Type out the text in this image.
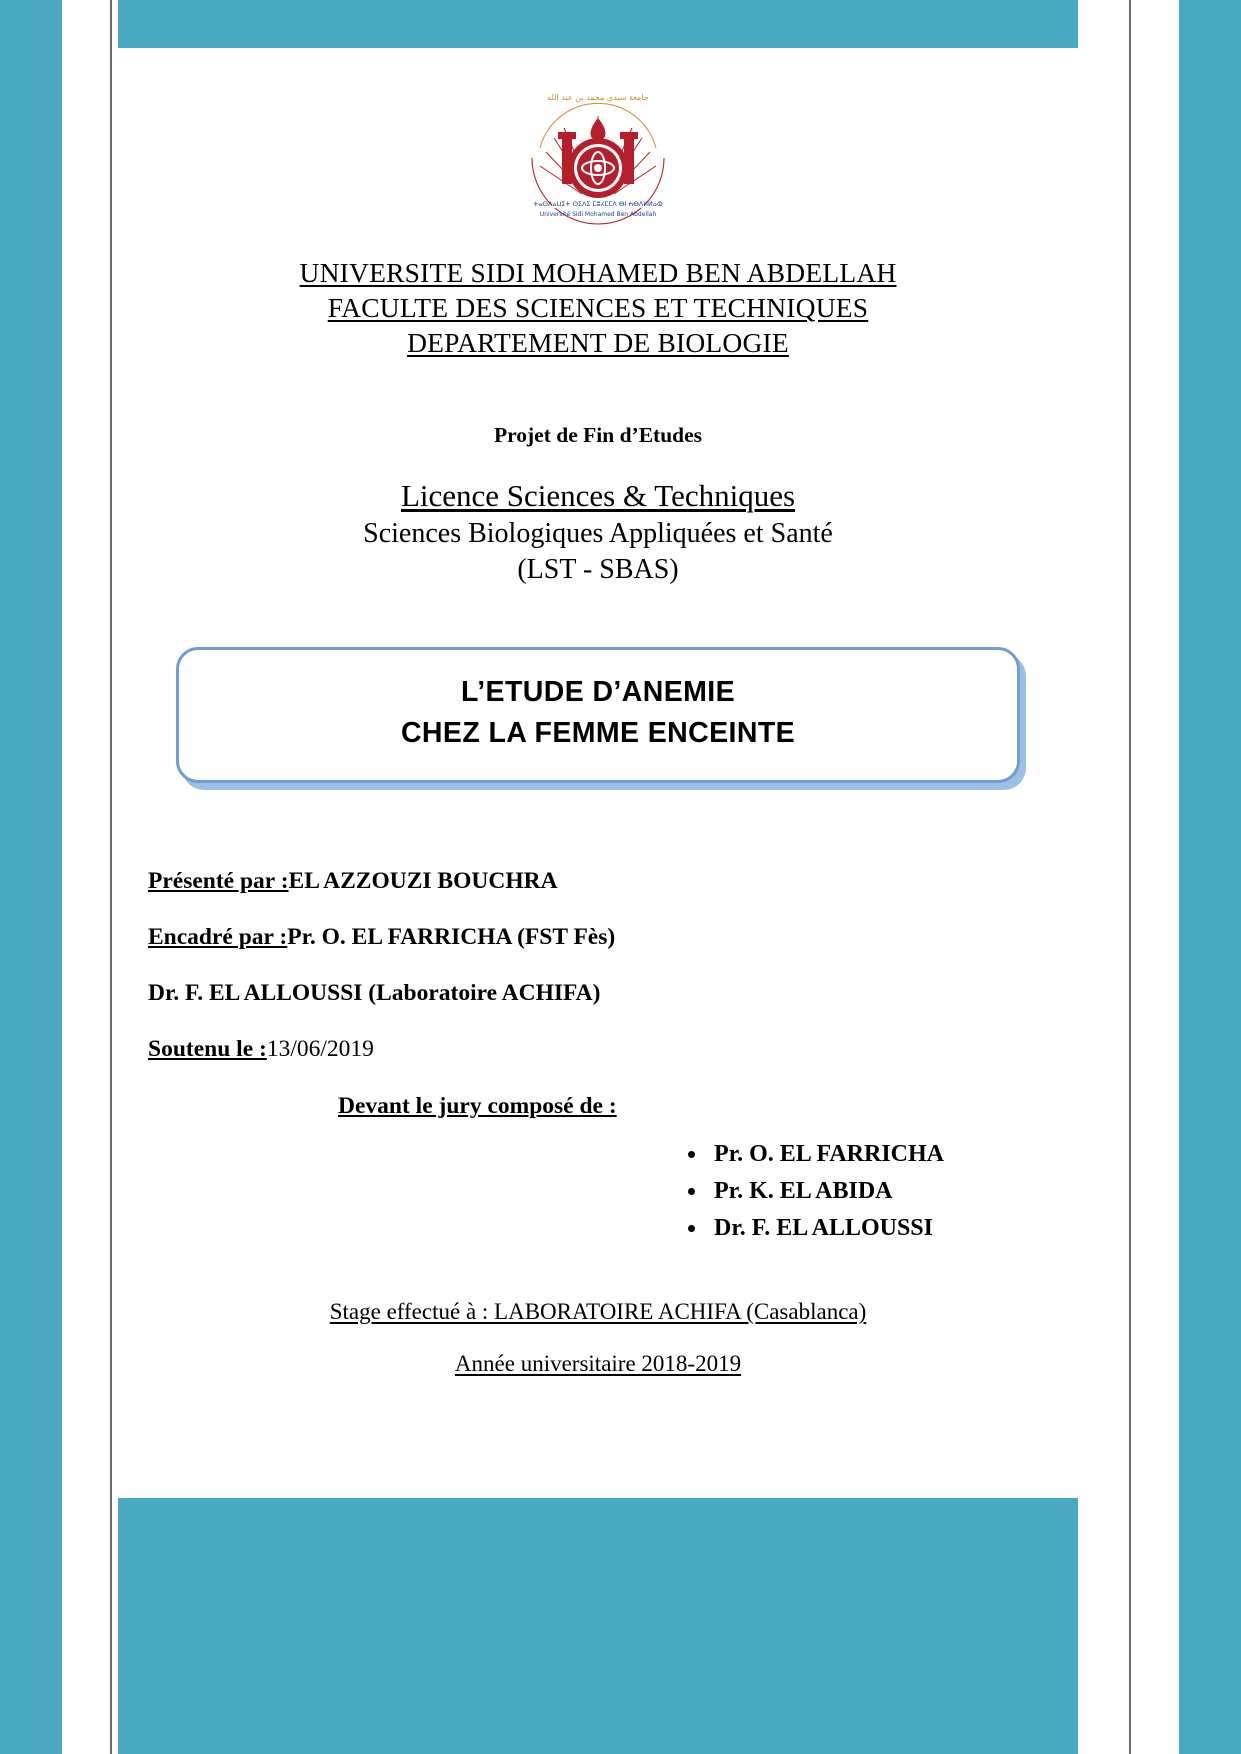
جامعة سيدي محمد بن عبد الله
ⵜⴰⵙⴷⴰⵡⵉⵜ ⵙⵉⴷⵉ ⵎⵓⵃⵎⵎⴷ ⴱⵏ ⵄⴱⴷⵍⵍⴰⵀ
Université Sidi Mohamed Ben Abdellah
UNIVERSITE SIDI MOHAMED BEN ABDELLAH
FACULTE DES SCIENCES ET TECHNIQUES
DEPARTEMENT DE BIOLOGIE
Projet de Fin d’Etudes
Licence Sciences & Techniques
Sciences Biologiques Appliquées et Santé
(LST - SBAS)
L’ETUDE D’ANEMIE
CHEZ LA FEMME ENCEINTE
Présenté par :EL AZZOUZI BOUCHRA
Encadré par :Pr. O. EL FARRICHA (FST Fès)
Dr. F. EL ALLOUSSI (Laboratoire ACHIFA)
Soutenu le :13/06/2019
Devant le jury composé de :
• Pr. O. EL FARRICHA
• Pr. K. EL ABIDA
• Dr. F. EL ALLOUSSI
Stage effectué à : LABORATOIRE ACHIFA (Casablanca)
Année universitaire 2018-2019
